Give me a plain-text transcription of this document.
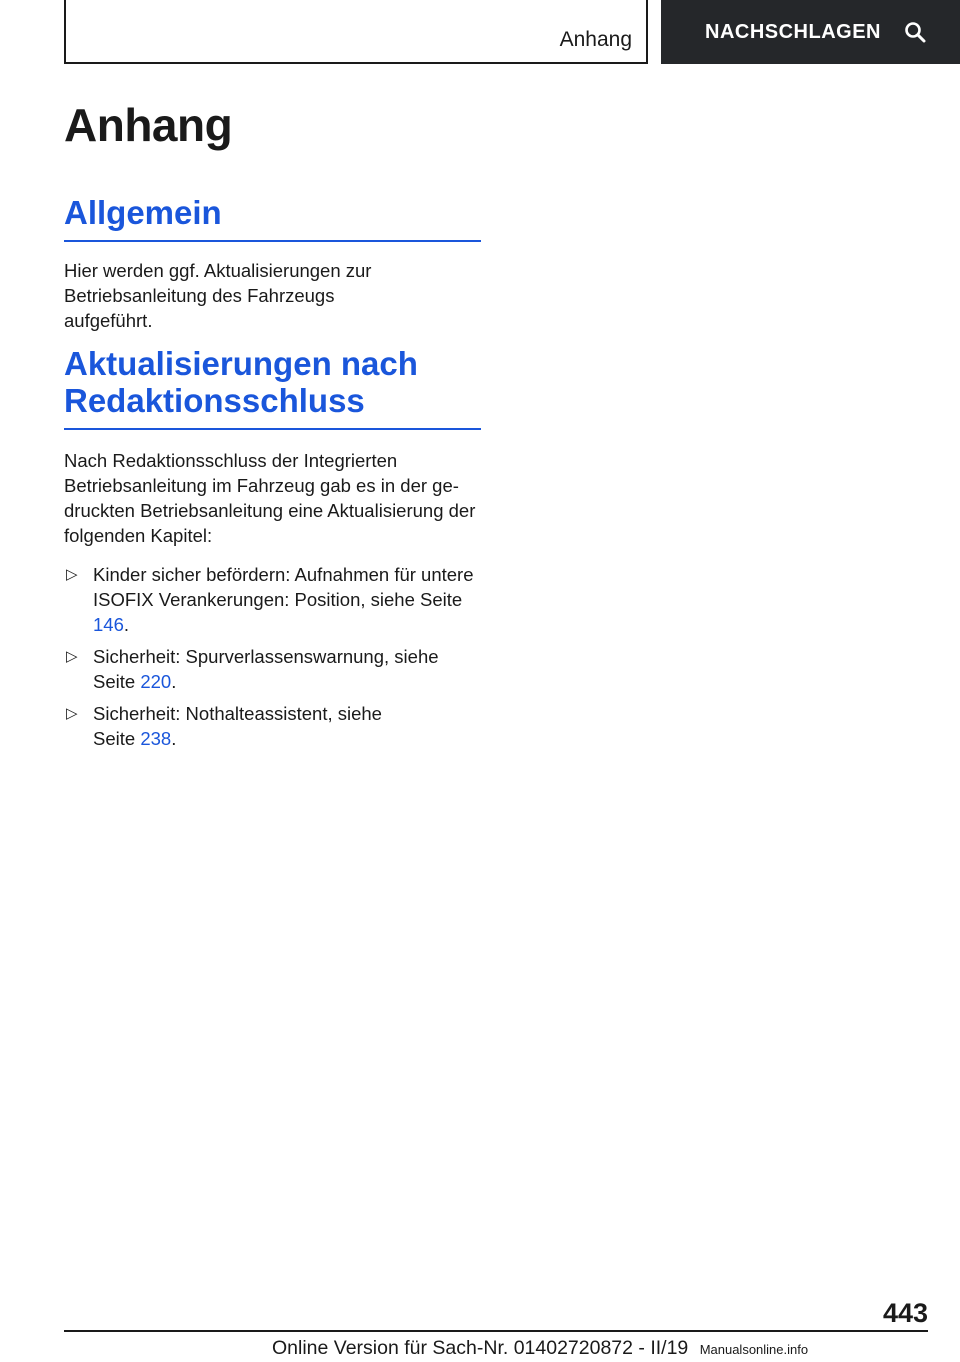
Anhang	NACHSCHLAGEN
Anhang
Allgemein

Hier werden ggf. Aktualisierungen zur Betriebsanleitung des Fahrzeugs aufgeführt.

Aktualisierungen nach Redaktionsschluss

Nach Redaktionsschluss der Integrierten Betriebsanleitung im Fahrzeug gab es in der gedruckten Betriebsanleitung eine Aktualisierung der folgenden Kapitel:

▷ Kinder sicher befördern: Aufnahmen für untere ISOFIX Verankerungen: Position, siehe Seite 146.
▷ Sicherheit: Spurverlassenswarnung, siehe Seite 220.
▷ Sicherheit: Nothalteassistent, siehe Seite 238.
443
Online Version für Sach-Nr. 01402720872 - II/19 Manualsonline.info
